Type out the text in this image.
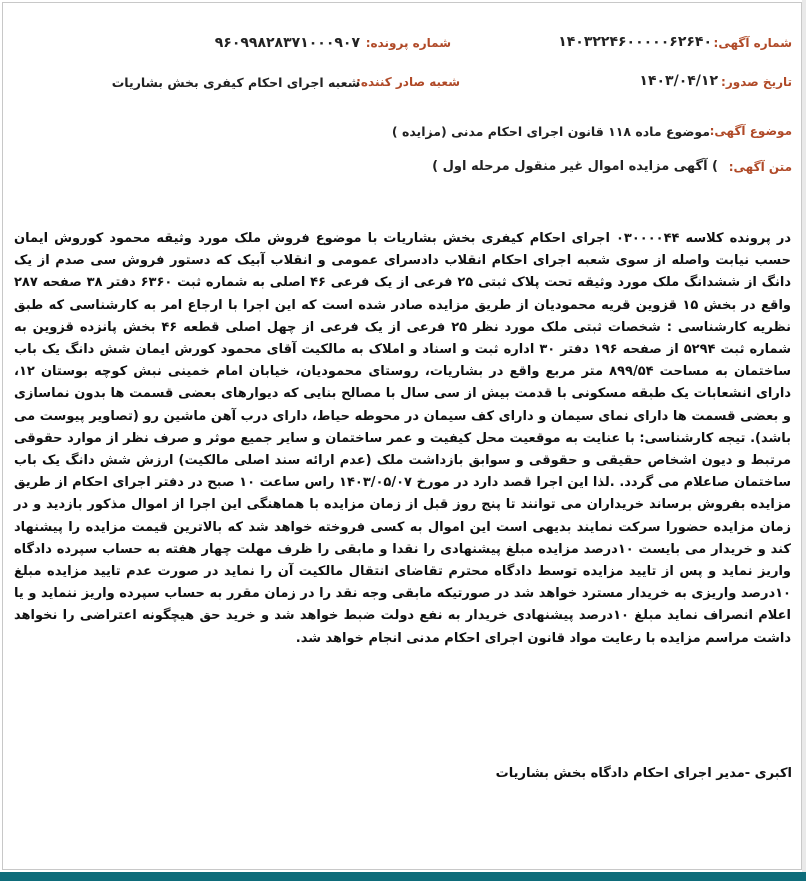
شماره آگهی:
۱۴۰۳۲۲۴۶۰۰۰۰۰۶۲۶۴۰
شماره پرونده:
۹۶۰۹۹۸۲۸۳۷۱۰۰۰۹۰۷
تاریخ صدور:
۱۴۰۳/۰۴/۱۲
شعبه صادر کننده:
شعبه اجرای احکام کیفری بخش بشاریات
موضوع آگهی:
موضوع ماده ۱۱۸ قانون اجرای احکام مدنی (مزایده )
متن آگهی:
) آگهی مزایده اموال غیر منقول مرحله اول )

در پرونده کلاسه ۰۳۰۰۰۰۴۴ اجرای احکام کیفری بخش بشاریات با موضوع فروش ملک مورد وثیقه محمود کوروش ایمان حسب نیابت واصله از سوی شعبه اجرای احکام انقلاب دادسرای عمومی و انقلاب آبیک که دستور فروش سی صدم از یک دانگ از ششدانگ ملک مورد وثیقه تحت پلاک ثبتی ۲۵ فرعی از یک فرعی ۴۶ اصلی به شماره ثبت ۶۳۶۰ دفتر ۳۸ صفحه ۲۸۷ واقع در بخش ۱۵ قزوین قریه محمودیان از طریق مزایده صادر شده است که این اجرا با ارجاع امر به کارشناسی که طبق نظریه کارشناسی : شخصات ثبتی ملک مورد نظر ۲۵ فرعی از یک فرعی از چهل اصلی قطعه ۴۶ بخش پانزده قزوین به شماره ثبت ۵۲۹۴ از صفحه ۱۹۶ دفتر ۳۰ اداره ثبت و اسناد و املاک به مالکیت آقای محمود کورش ایمان شش دانگ یک باب ساختمان به مساحت ۸۹۹/۵۴ متر مربع واقع در بشاریات، روستای محمودیان، خیابان امام خمینی نبش کوچه بوستان ۱۲، دارای انشعابات یک طبقه مسکونی با قدمت بیش از سی سال با مصالح بنایی که دیوارهای بعضی قسمت ها بدون نماسازی و بعضی قسمت ها دارای نمای سیمان و دارای کف سیمان در محوطه حیاط، دارای درب آهن ماشین رو (تصاویر پیوست می باشد). تیجه کارشناسی: با عنایت به موقعیت محل کیفیت و عمر ساختمان و سایر جمیع موثر و صرف نظر از موارد حقوقی مرتبط و دیون اشخاص حقیقی و حقوقی و سوابق بازداشت ملک (عدم ارائه سند اصلی مالکیت) ارزش شش دانگ یک باب ساختمان صاعلام می گردد. .لذا این اجرا قصد دارد در مورخ ۱۴۰۳/۰۵/۰۷ راس ساعت ۱۰ صبح در دفتر اجرای احکام از طریق مزایده بفروش برساند خریداران می توانند تا پنج روز قبل از زمان مزایده با هماهنگی این اجرا از اموال مذکور بازدید و در زمان مزایده حضورا سرکت نمایند بدیهی است این اموال به کسی فروخته خواهد شد که بالاترین قیمت مزایده را پیشنهاد کند و خریدار می بایست ۱۰درصد مزایده مبلغ پیشنهادی را نقدا و مابقی را ظرف مهلت چهار هفته به حساب سپرده دادگاه واریز نماید و پس از تایید مزایده توسط دادگاه محترم تقاضای انتقال مالکیت آن را نماید در صورت عدم تایید مزایده مبلغ ۱۰درصد واریزی به خریدار مسترد خواهد شد در صورتیکه مابقی وجه نقد را در زمان مقرر به حساب سپرده واریز ننماید و یا اعلام انصراف نماید مبلغ ۱۰درصد پیشنهادی خریدار به نفع دولت ضبط خواهد شد و خرید حق هیچگونه اعتراضی را نخواهد داشت مراسم مزایده با رعایت مواد قانون اجرای احکام مدنی انجام خواهد شد.

اکبری -مدیر اجرای احکام دادگاه بخش بشاریات
